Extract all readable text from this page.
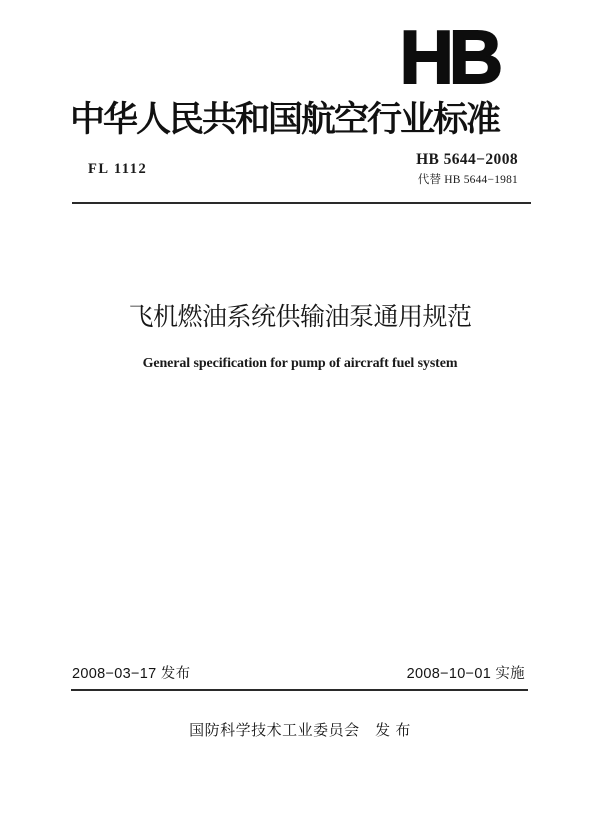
HB
中华人民共和国航空行业标准
FL 1112
HB 5644−2008
代替 HB 5644−1981
飞机燃油系统供输油泵通用规范
General specification for pump of aircraft fuel system
2008−03−17 发布	2008−10−01 实施
国防科学技术工业委员会　发 布
